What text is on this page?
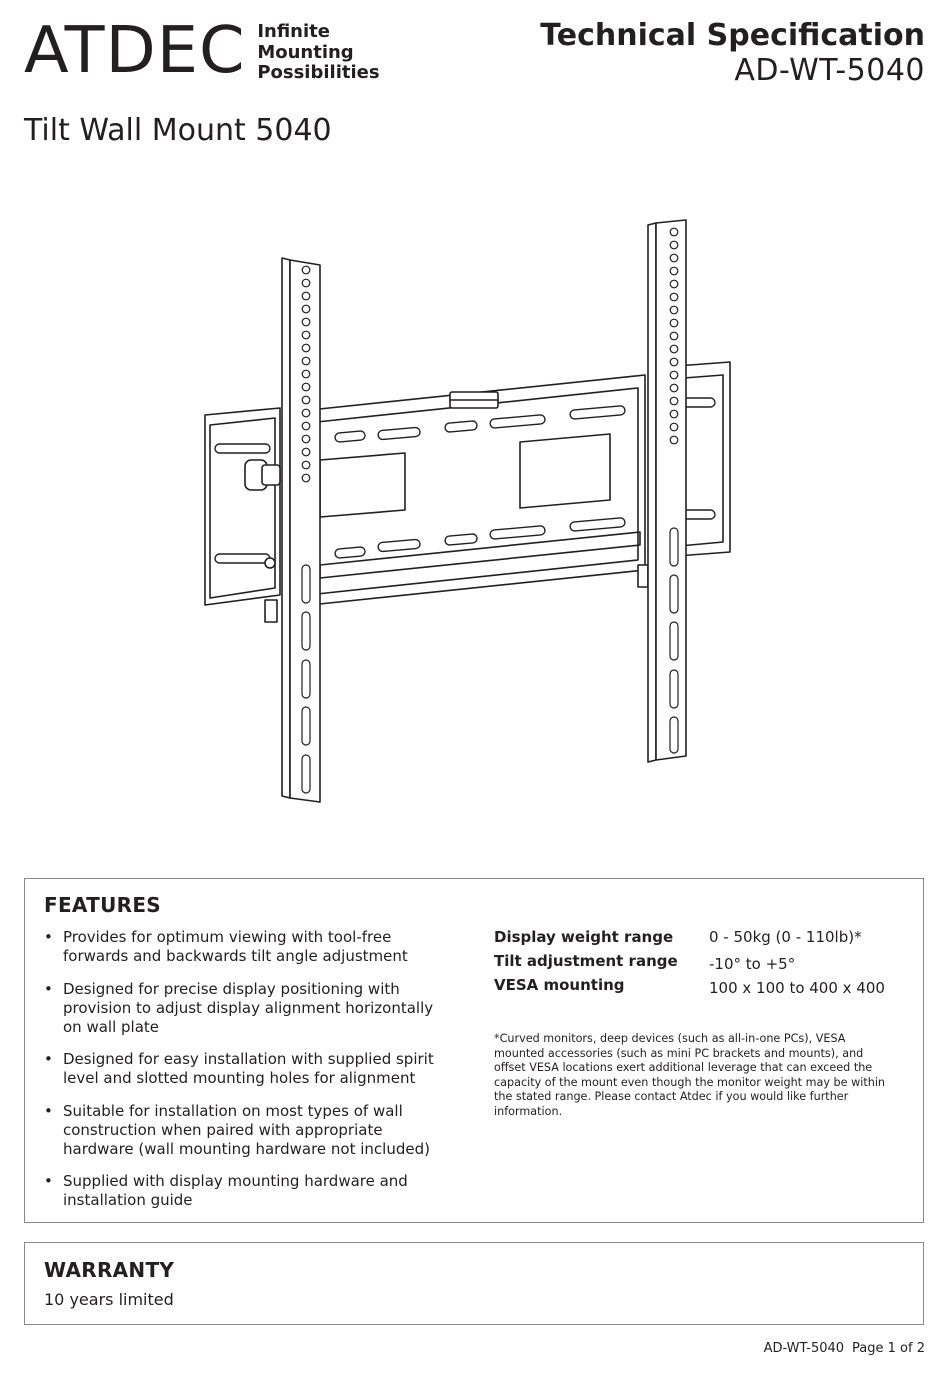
ATDEC Infinite
Mounting
Possibilities
Technical Specification
AD-WT-5040
Tilt Wall Mount 5040
FEATURES
• Provides for optimum viewing with tool-free forwards and backwards tilt angle adjustment
• Designed for precise display positioning with provision to adjust display alignment horizontally on wall plate
• Designed for easy installation with supplied spirit level and slotted mounting holes for alignment
• Suitable for installation on most types of wall construction when paired with appropriate hardware (wall mounting hardware not included)
• Supplied with display mounting hardware and installation guide
Display weight range 0 - 50kg (0 - 110lb)*
Tilt adjustment range -10° to +5°
VESA mounting	100 x 100 to 400 x 400
*Curved monitors, deep devices (such as all-in-one PCs), VESA mounted accessories (such as mini PC brackets and mounts), and offset VESA locations exert additional leverage that can exceed the capacity of the mount even though the monitor weight may be within the stated range. Please contact Atdec if you would like further information.
WARRANTY
10 years limited
AD-WT-5040 Page 1 of 2
